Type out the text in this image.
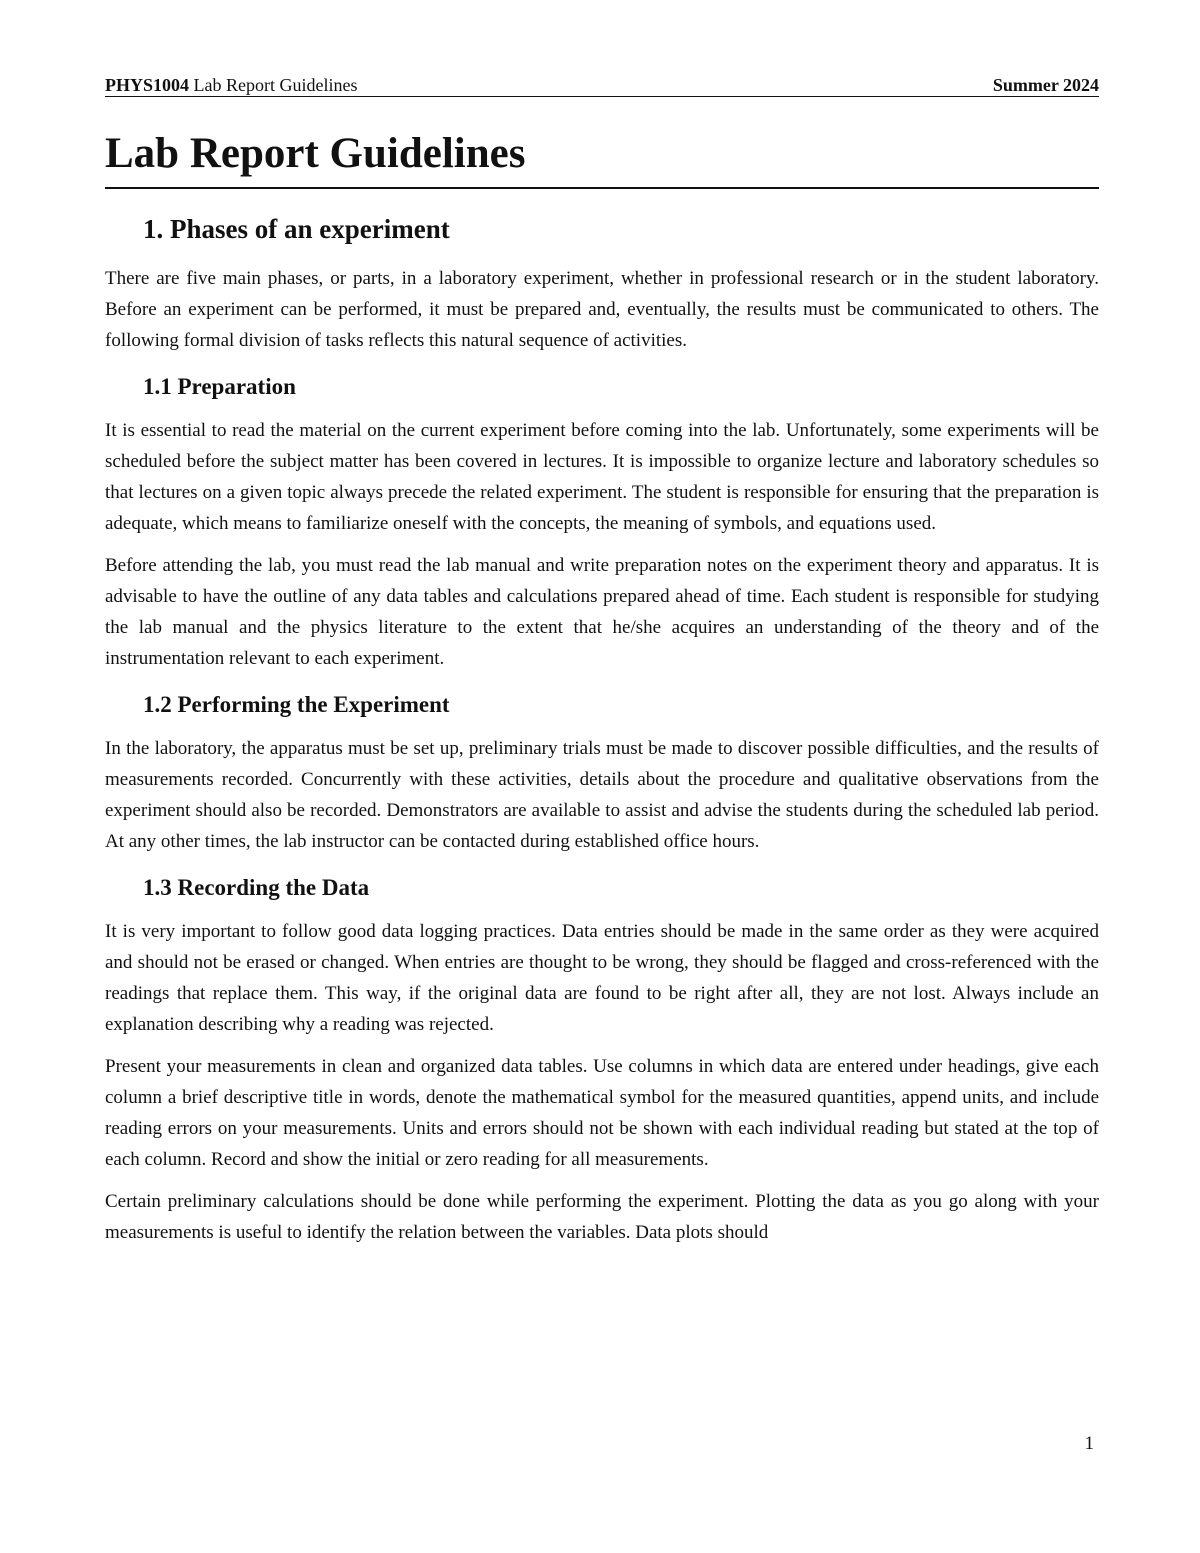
PHYS1004 Lab Report Guidelines	Summer 2024
Lab Report Guidelines
1. Phases of an experiment

There are five main phases, or parts, in a laboratory experiment, whether in professional research or in the student laboratory. Before an experiment can be performed, it must be prepared and, eventually, the results must be communicated to others. The following formal division of tasks reflects this natural sequence of activities.

1.1 Preparation

It is essential to read the material on the current experiment before coming into the lab. Unfortunately, some experiments will be scheduled before the subject matter has been covered in lectures. It is impossible to organize lecture and laboratory schedules so that lectures on a given topic always precede the related experiment. The student is responsible for ensuring that the preparation is adequate, which means to familiarize oneself with the concepts, the meaning of symbols, and equations used.

Before attending the lab, you must read the lab manual and write preparation notes on the experiment theory and apparatus. It is advisable to have the outline of any data tables and calculations prepared ahead of time. Each student is responsible for studying the lab manual and the physics literature to the extent that he/she acquires an understanding of the theory and of the instrumentation relevant to each experiment.

1.2 Performing the Experiment

In the laboratory, the apparatus must be set up, preliminary trials must be made to discover possible difficulties, and the results of measurements recorded. Concurrently with these activities, details about the procedure and qualitative observations from the experiment should also be recorded. Demonstrators are available to assist and advise the students during the scheduled lab period. At any other times, the lab instructor can be contacted during established office hours.

1.3 Recording the Data

It is very important to follow good data logging practices. Data entries should be made in the same order as they were acquired and should not be erased or changed. When entries are thought to be wrong, they should be flagged and cross-referenced with the readings that replace them. This way, if the original data are found to be right after all, they are not lost. Always include an explanation describing why a reading was rejected.

Present your measurements in clean and organized data tables. Use columns in which data are entered under headings, give each column a brief descriptive title in words, denote the mathematical symbol for the measured quantities, append units, and include reading errors on your measurements. Units and errors should not be shown with each individual reading but stated at the top of each column. Record and show the initial or zero reading for all measurements.

Certain preliminary calculations should be done while performing the experiment. Plotting the data as you go along with your measurements is useful to identify the relation between the variables. Data plots should

1
